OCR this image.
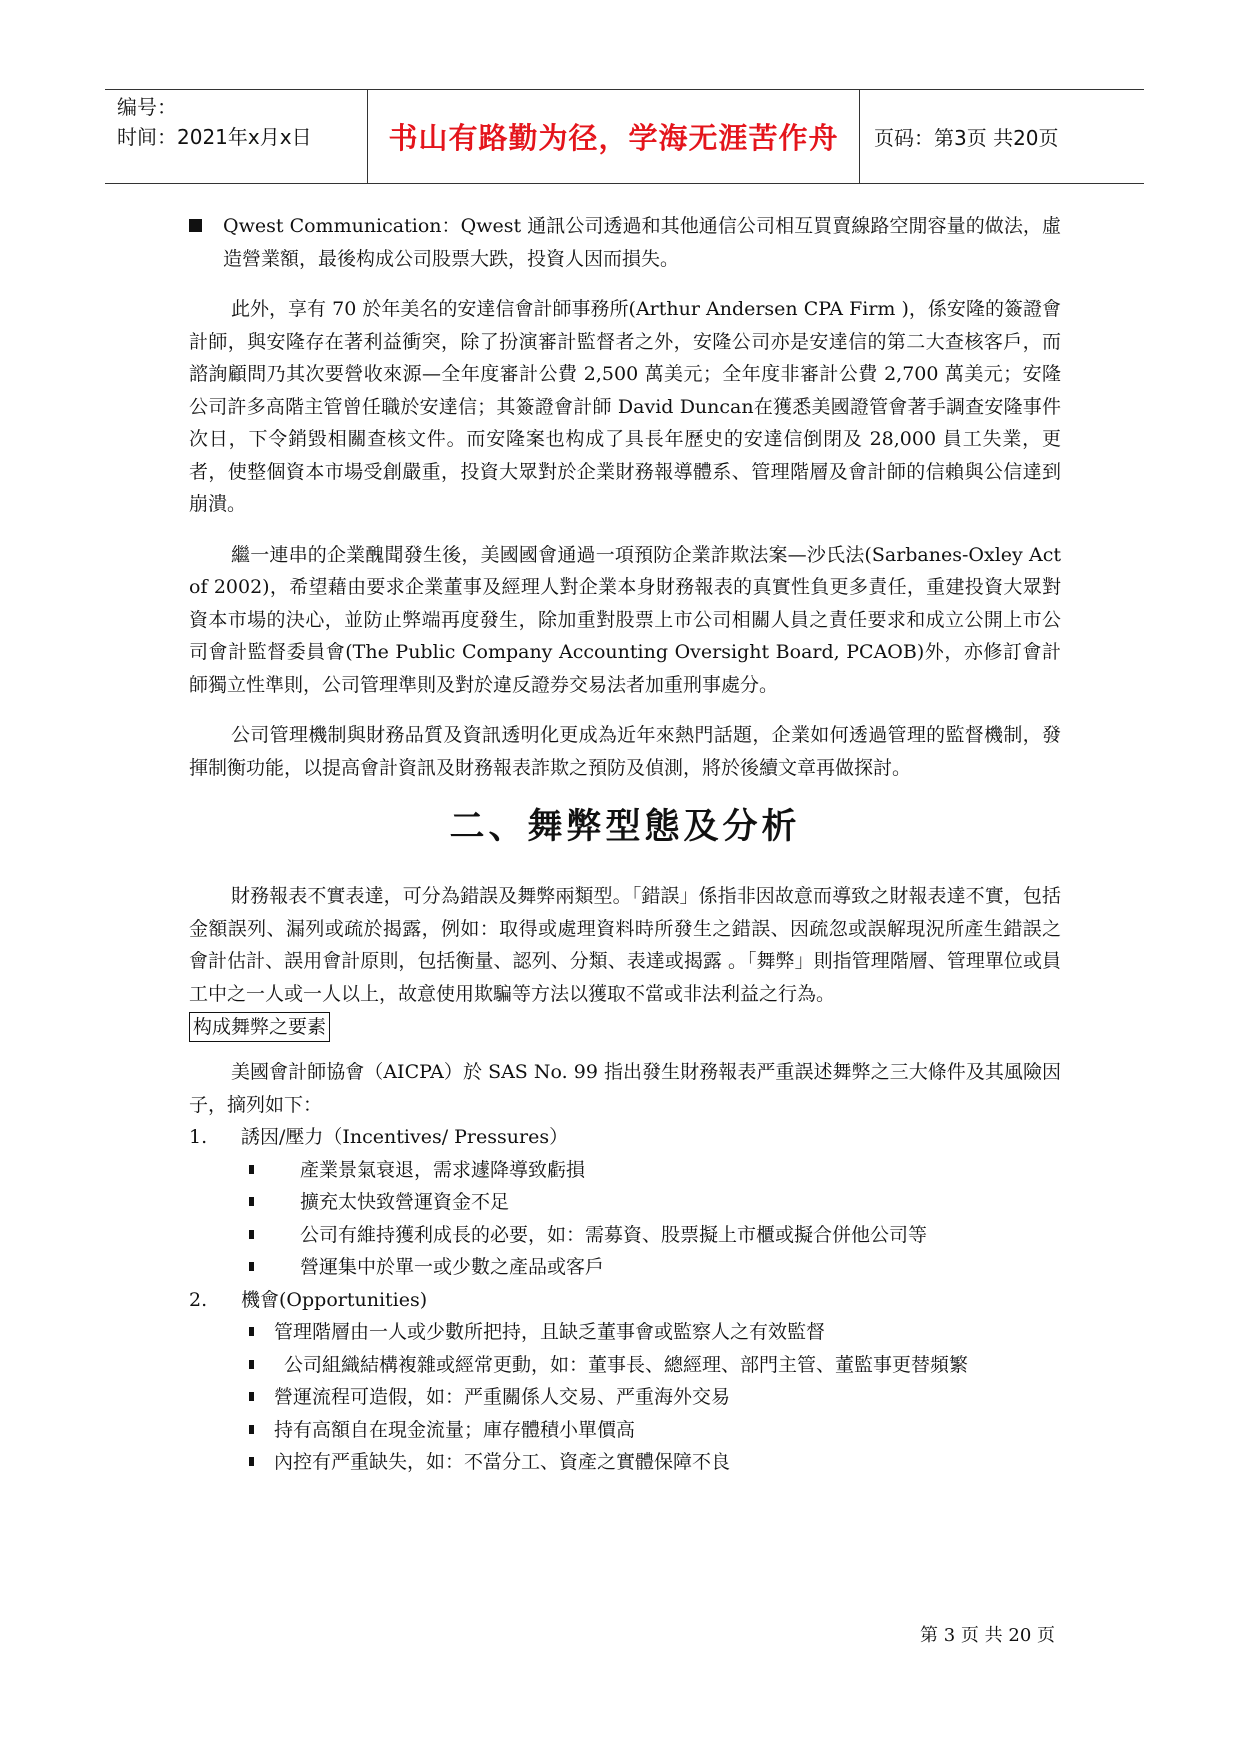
编号：
时间：2021年x月x日	书山有路勤为径，学海无涯苦作舟 页码：第3页 共20页
Qwest Communication：Qwest 通訊公司透過和其他通信公司相互買賣線路空閒容量的做法，虛造營業額，最後构成公司股票大跌，投資人因而損失。

此外，享有 70 於年美名的安達信會計師事務所(Arthur Andersen CPA Firm )，係安隆的簽證會計師，與安隆存在著利益衝突，除了扮演審計監督者之外，安隆公司亦是安達信的第二大查核客戶，而諮詢顧問乃其次要營收來源—全年度審計公費 2,500 萬美元；全年度非審計公費 2,700 萬美元；安隆公司許多高階主管曾任職於安達信；其簽證會計師 David Duncan在獲悉美國證管會著手調查安隆事件次日，下令銷毀相關查核文件。而安隆案也构成了具長年歷史的安達信倒閉及 28,000 員工失業，更者，使整個資本市場受創嚴重，投資大眾對於企業財務報導體系、管理階層及會計師的信賴與公信達到崩潰。

繼一連串的企業醜聞發生後，美國國會通過一項預防企業詐欺法案—沙氏法(Sarbanes-Oxley Act of 2002)，希望藉由要求企業董事及經理人對企業本身財務報表的真實性負更多責任，重建投資大眾對資本市場的決心，並防止弊端再度發生，除加重對股票上市公司相關人員之責任要求和成立公開上市公司會計監督委員會(The Public Company Accounting Oversight Board, PCAOB)外，亦修訂會計師獨立性準則，公司管理準則及對於違反證券交易法者加重刑事處分。

公司管理機制與財務品質及資訊透明化更成為近年來熱門話題，企業如何透過管理的監督機制，發揮制衡功能，以提高會計資訊及財務報表詐欺之預防及偵測，將於後續文章再做探討。

二、舞弊型態及分析

財務報表不實表達，可分為錯誤及舞弊兩類型。「錯誤」係指非因故意而導致之財報表達不實，包括金額誤列、漏列或疏於揭露，例如：取得或處理資料時所發生之錯誤、因疏忽或誤解現況所產生錯誤之會計估計、誤用會計原則，包括衡量、認列、分類、表達或揭露 。「舞弊」則指管理階層、管理單位或員工中之一人或一人以上，故意使用欺騙等方法以獲取不當或非法利益之行為。

构成舞弊之要素

美國會計師協會（AICPA）於 SAS No. 99 指出發生財務報表严重誤述舞弊之三大條件及其風險因子，摘列如下：

1.	誘因/壓力（Incentives/ Pressures）
產業景氣衰退，需求遽降導致虧損
擴充太快致營運資金不足
公司有維持獲利成長的必要，如：需募資、股票擬上市櫃或擬合併他公司等
營運集中於單一或少數之產品或客戶
2.	機會(Opportunities)
管理階層由一人或少數所把持，且缺乏董事會或監察人之有效監督
公司組織結構複雜或經常更動，如：董事長、總經理、部門主管、董監事更替頻繁
營運流程可造假，如：严重關係人交易、严重海外交易
持有高額自在現金流量；庫存體積小單價高
內控有严重缺失，如：不當分工、資產之實體保障不良
第 3 页 共 20 页
